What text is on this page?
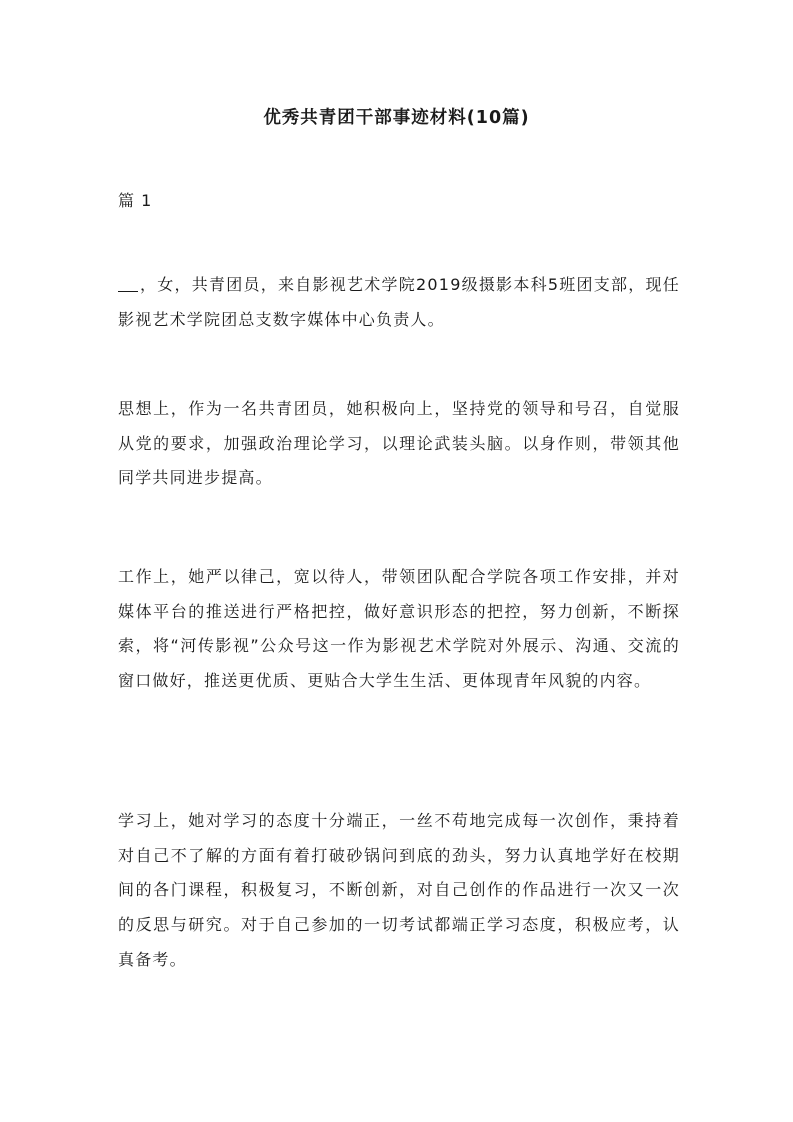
优秀共青团干部事迹材料(10篇)
篇 1

，女，共青团员，来自影视艺术学院2019级摄影本科5班团支部，现任影视艺术学院团总支数字媒体中心负责人。

思想上，作为一名共青团员，她积极向上，坚持党的领导和号召，自觉服从党的要求，加强政治理论学习，以理论武装头脑。以身作则，带领其他同学共同进步提高。

工作上，她严以律己，宽以待人，带领团队配合学院各项工作安排，并对媒体平台的推送进行严格把控，做好意识形态的把控，努力创新，不断探索，将“河传影视”公众号这一作为影视艺术学院对外展示、沟通、交流的窗口做好，推送更优质、更贴合大学生生活、更体现青年风貌的内容。

学习上，她对学习的态度十分端正，一丝不苟地完成每一次创作，秉持着对自己不了解的方面有着打破砂锅问到底的劲头，努力认真地学好在校期间的各门课程，积极复习，不断创新，对自己创作的作品进行一次又一次的反思与研究。对于自己参加的一切考试都端正学习态度，积极应考，认真备考。
